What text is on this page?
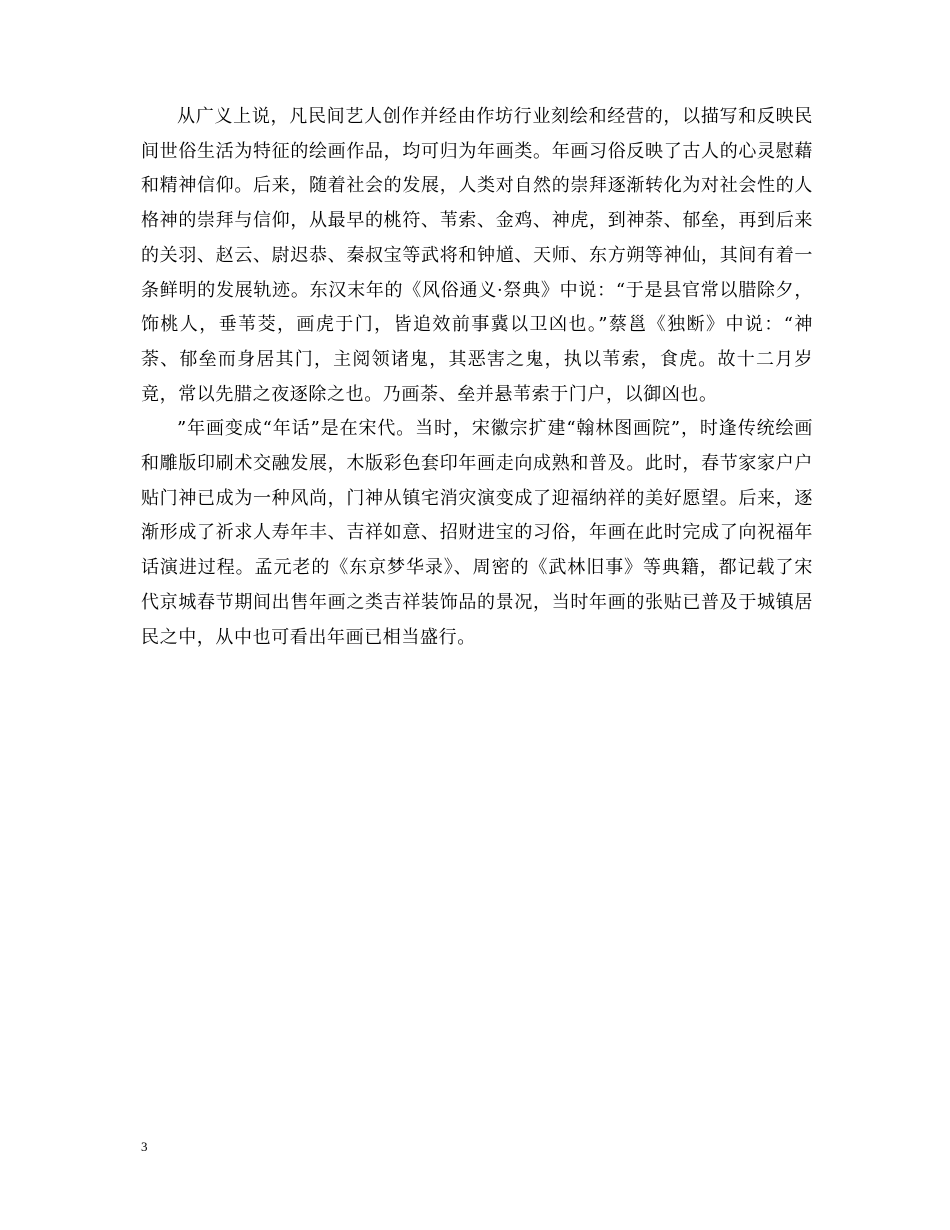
从广义上说，凡民间艺人创作并经由作坊行业刻绘和经营的，以描写和反映民间世俗生活为特征的绘画作品，均可归为年画类。年画习俗反映了古人的心灵慰藉和精神信仰。后来，随着社会的发展，人类对自然的崇拜逐渐转化为对社会性的人格神的崇拜与信仰，从最早的桃符、苇索、金鸡、神虎，到神荼、郁垒，再到后来的关羽、赵云、尉迟恭、秦叔宝等武将和钟馗、天师、东方朔等神仙，其间有着一条鲜明的发展轨迹。东汉末年的《风俗通义·祭典》中说：“于是县官常以腊除夕，饰桃人，垂苇茭，画虎于门，皆追效前事冀以卫凶也。”蔡邕《独断》中说：“神荼、郁垒而身居其门，主阅领诸鬼，其恶害之鬼，执以苇索，食虎。故十二月岁竟，常以先腊之夜逐除之也。乃画荼、垒并悬苇索于门户，以御凶也。

”年画变成“年话”是在宋代。当时，宋徽宗扩建“翰林图画院”，时逢传统绘画和雕版印刷术交融发展，木版彩色套印年画走向成熟和普及。此时，春节家家户户贴门神已成为一种风尚，门神从镇宅消灾演变成了迎福纳祥的美好愿望。后来，逐渐形成了祈求人寿年丰、吉祥如意、招财进宝的习俗，年画在此时完成了向祝福年话演进过程。孟元老的《东京梦华录》、周密的《武林旧事》等典籍，都记载了宋代京城春节期间出售年画之类吉祥装饰品的景况，当时年画的张贴已普及于城镇居民之中，从中也可看出年画已相当盛行。

3
